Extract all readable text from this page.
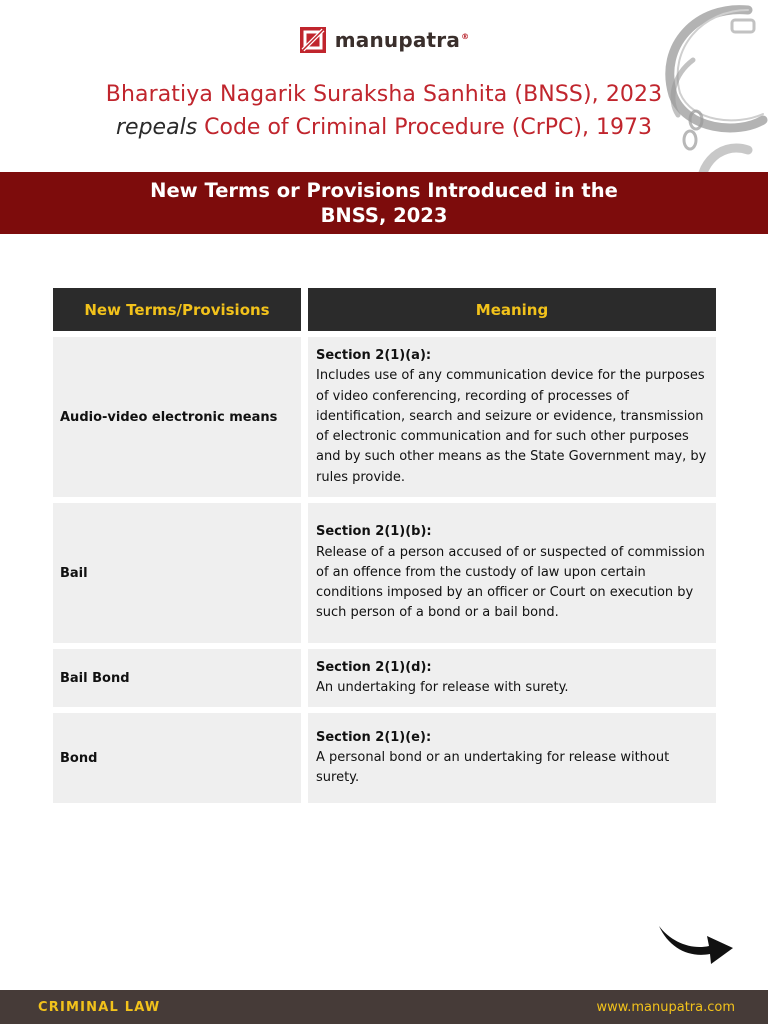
manupatra®
Bharatiya Nagarik Suraksha Sanhita (BNSS), 2023
repeals Code of Criminal Procedure (CrPC), 1973
New Terms or Provisions Introduced in the
BNSS, 2023
New Terms/Provisions	Meaning
Audio-video electronic means
Section 2(1)(a):
Includes use of any communication device for the purposes of video conferencing, recording of processes of identification, search and seizure or evidence, transmission of electronic communication and for such other purposes and by such other means as the State Government may, by rules provide.
Bail
Section 2(1)(b):
Release of a person accused of or suspected of commission of an offence from the custody of law upon certain conditions imposed by an officer or Court on execution by such person of a bond or a bail bond.
Bail Bond
Section 2(1)(d):
An undertaking for release with surety.
Bond
Section 2(1)(e):
A personal bond or an undertaking for release without surety.
CRIMINAL LAW	www.manupatra.com
